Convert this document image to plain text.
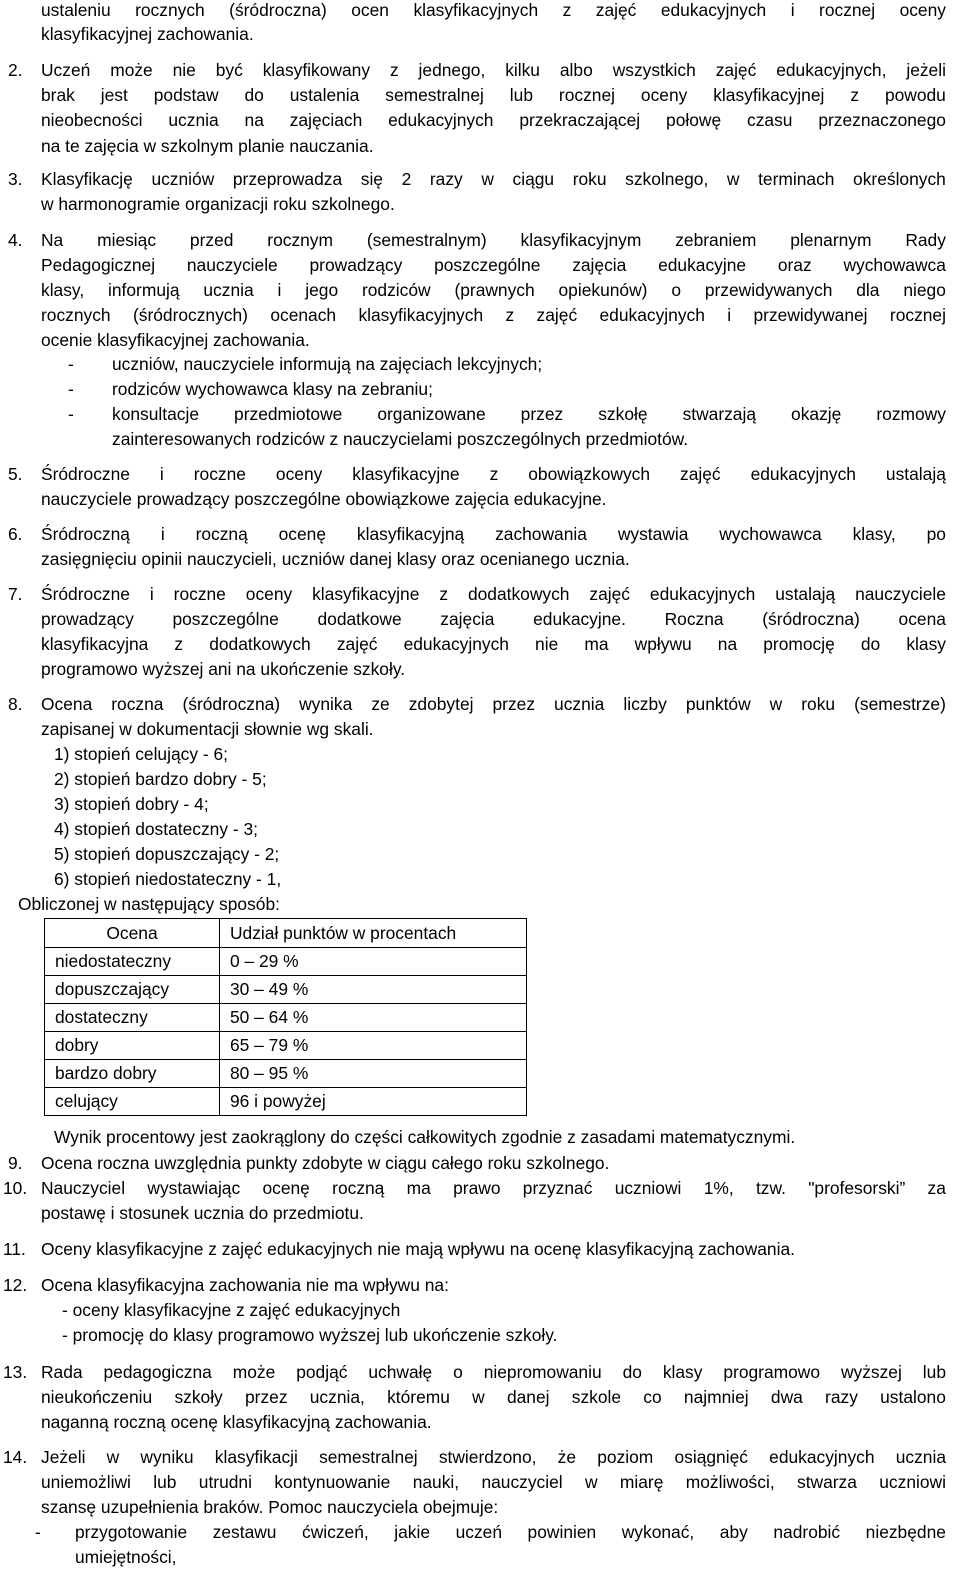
ustaleniu rocznych (śródroczna) ocen klasyfikacyjnych z zajęć edukacyjnych i rocznej oceny
klasyfikacyjnej zachowania.
2. Uczeń może nie być klasyfikowany z jednego, kilku albo wszystkich zajęć edukacyjnych, jeżeli
brak jest podstaw do ustalenia semestralnej lub rocznej oceny klasyfikacyjnej z powodu
nieobecności ucznia na zajęciach edukacyjnych przekraczającej połowę czasu przeznaczonego
na te zajęcia w szkolnym planie nauczania.
3. Klasyfikację uczniów przeprowadza się 2 razy w ciągu roku szkolnego, w terminach określonych
w harmonogramie organizacji roku szkolnego.
4. Na miesiąc przed rocznym (semestralnym) klasyfikacyjnym zebraniem plenarnym Rady
Pedagogicznej nauczyciele prowadzący poszczególne zajęcia edukacyjne oraz wychowawca
klasy, informują ucznia i jego rodziców (prawnych opiekunów) o przewidywanych dla niego
rocznych (śródrocznych) ocenach klasyfikacyjnych z zajęć edukacyjnych i przewidywanej rocznej
ocenie klasyfikacyjnej zachowania.
- uczniów, nauczyciele informują na zajęciach lekcyjnych;
- rodziców wychowawca klasy na zebraniu;
- konsultacje przedmiotowe organizowane przez szkołę stwarzają okazję rozmowy
zainteresowanych rodziców z nauczycielami poszczególnych przedmiotów.
5. Śródroczne i roczne oceny klasyfikacyjne z obowiązkowych zajęć edukacyjnych ustalają
nauczyciele prowadzący poszczególne obowiązkowe zajęcia edukacyjne.
6. Śródroczną i roczną ocenę klasyfikacyjną zachowania wystawia wychowawca klasy, po
zasięgnięciu opinii nauczycieli, uczniów danej klasy oraz ocenianego ucznia.
7. Śródroczne i roczne oceny klasyfikacyjne z dodatkowych zajęć edukacyjnych ustalają nauczyciele
prowadzący poszczególne dodatkowe zajęcia edukacyjne. Roczna (śródroczna) ocena
klasyfikacyjna z dodatkowych zajęć edukacyjnych nie ma wpływu na promocję do klasy
programowo wyższej ani na ukończenie szkoły.
8. Ocena roczna (śródroczna) wynika ze zdobytej przez ucznia liczby punktów w roku (semestrze)
zapisanej w dokumentacji słownie wg skali.
1) stopień celujący - 6;
2) stopień bardzo dobry - 5;
3) stopień dobry - 4;
4) stopień dostateczny - 3;
5) stopień dopuszczający - 2;
6) stopień niedostateczny - 1,
Obliczonej w następujący sposób:
Ocena	Udział punktów w procentach
niedostateczny	0 – 29 %
dopuszczający	30 – 49 %
dostateczny	50 – 64 %
dobry	65 – 79 %
bardzo dobry	80 – 95 %
celujący	96 i powyżej
Wynik procentowy jest zaokrąglony do części całkowitych zgodnie z zasadami matematycznymi.
9. Ocena roczna uwzględnia punkty zdobyte w ciągu całego roku szkolnego.
10. Nauczyciel wystawiając ocenę roczną ma prawo przyznać uczniowi 1%, tzw. "profesorski” za
postawę i stosunek ucznia do przedmiotu.
11. Oceny klasyfikacyjne z zajęć edukacyjnych nie mają wpływu na ocenę klasyfikacyjną zachowania.
12. Ocena klasyfikacyjna zachowania nie ma wpływu na:
- oceny klasyfikacyjne z zajęć edukacyjnych
- promocję do klasy programowo wyższej lub ukończenie szkoły.
13. Rada pedagogiczna może podjąć uchwałę o niepromowaniu do klasy programowo wyższej lub
nieukończeniu szkoły przez ucznia, któremu w danej szkole co najmniej dwa razy ustalono
naganną roczną ocenę klasyfikacyjną zachowania.
14. Jeżeli w wyniku klasyfikacji semestralnej stwierdzono, że poziom osiągnięć edukacyjnych ucznia
uniemożliwi lub utrudni kontynuowanie nauki, nauczyciel w miarę możliwości, stwarza uczniowi
szansę uzupełnienia braków. Pomoc nauczyciela obejmuje:
- przygotowanie zestawu ćwiczeń, jakie uczeń powinien wykonać, aby nadrobić niezbędne
umiejętności,
